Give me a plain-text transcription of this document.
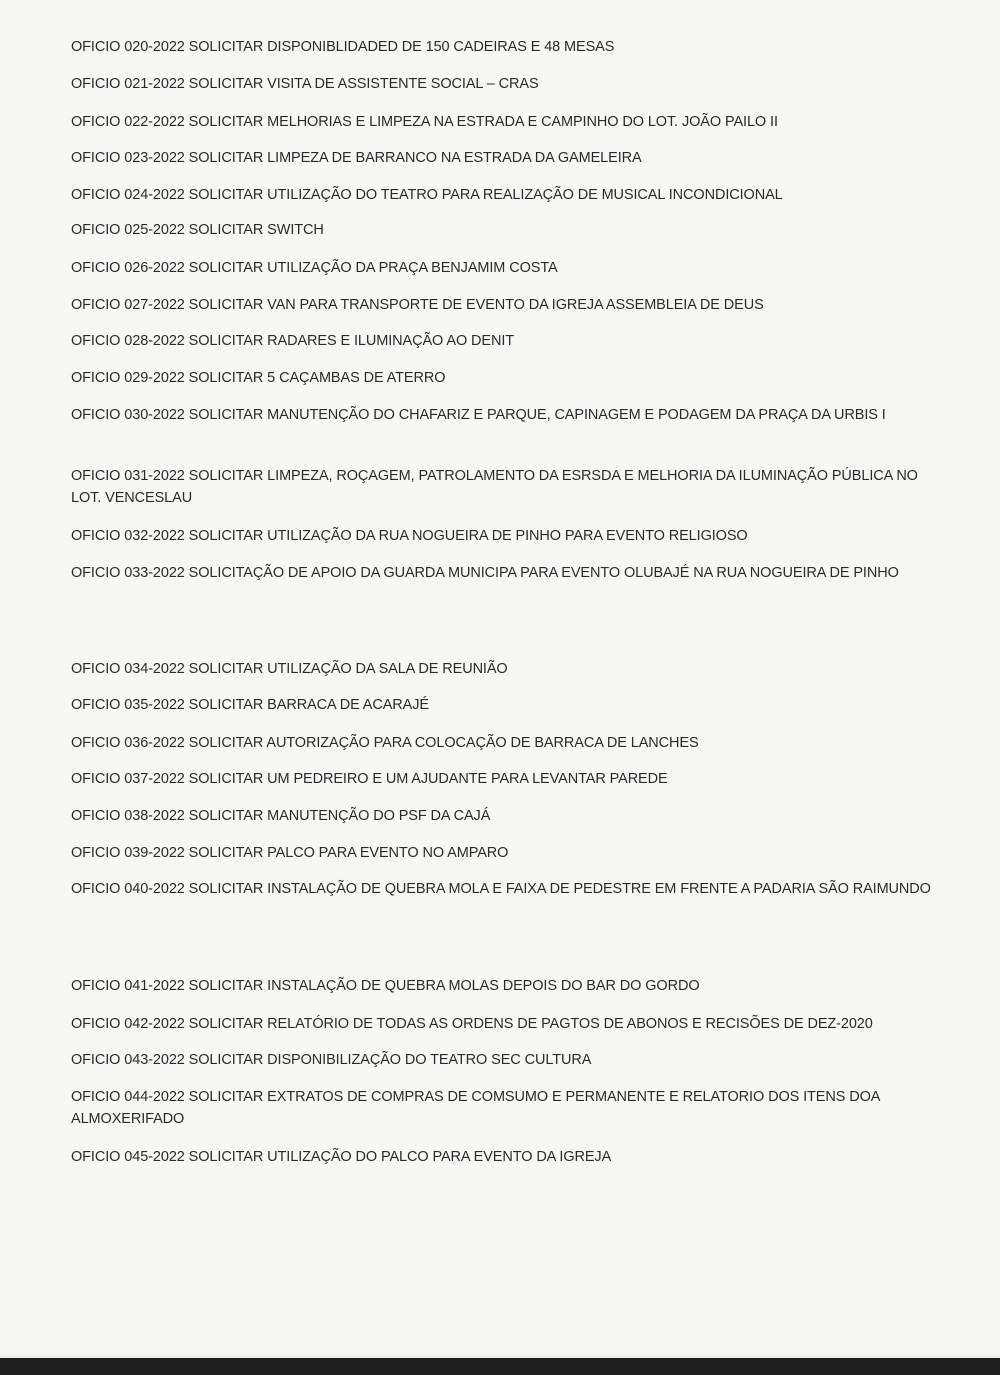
OFICIO 020-2022 SOLICITAR DISPONIBLIDADED DE 150 CADEIRAS E 48 MESAS

OFICIO 021-2022 SOLICITAR VISITA DE ASSISTENTE SOCIAL – CRAS

OFICIO 022-2022 SOLICITAR MELHORIAS E LIMPEZA NA ESTRADA E CAMPINHO DO LOT. JOÃO PAILO II

OFICIO 023-2022 SOLICITAR LIMPEZA DE BARRANCO NA ESTRADA DA GAMELEIRA

OFICIO 024-2022 SOLICITAR UTILIZAÇÃO DO TEATRO PARA REALIZAÇÃO DE MUSICAL INCONDICIONAL

OFICIO 025-2022 SOLICITAR SWITCH

OFICIO 026-2022 SOLICITAR UTILIZAÇÃO DA PRAÇA BENJAMIM COSTA

OFICIO 027-2022 SOLICITAR VAN PARA TRANSPORTE DE EVENTO DA IGREJA ASSEMBLEIA DE DEUS

OFICIO 028-2022 SOLICITAR RADARES E ILUMINAÇÃO AO DENIT

OFICIO 029-2022 SOLICITAR 5 CAÇAMBAS DE ATERRO

OFICIO 030-2022 SOLICITAR MANUTENÇÃO DO CHAFARIZ E PARQUE, CAPINAGEM E PODAGEM DA PRAÇA DA URBIS I

OFICIO 031-2022 SOLICITAR LIMPEZA, ROÇAGEM, PATROLAMENTO DA ESRSDA E MELHORIA DA ILUMINAÇÃO PÚBLICA NO LOT. VENCESLAU

OFICIO 032-2022 SOLICITAR UTILIZAÇÃO DA RUA NOGUEIRA DE PINHO PARA EVENTO RELIGIOSO

OFICIO 033-2022 SOLICITAÇÃO DE APOIO DA GUARDA MUNICIPA PARA EVENTO OLUBAJÉ NA RUA NOGUEIRA DE PINHO

OFICIO 034-2022 SOLICITAR UTILIZAÇÃO DA SALA DE REUNIÃO

OFICIO 035-2022 SOLICITAR BARRACA DE ACARAJÉ

OFICIO 036-2022 SOLICITAR AUTORIZAÇÃO PARA COLOCAÇÃO DE BARRACA DE LANCHES

OFICIO 037-2022 SOLICITAR UM PEDREIRO E UM AJUDANTE PARA LEVANTAR PAREDE

OFICIO 038-2022 SOLICITAR MANUTENÇÃO DO PSF DA CAJÁ

OFICIO 039-2022 SOLICITAR PALCO PARA EVENTO NO AMPARO

OFICIO 040-2022 SOLICITAR INSTALAÇÃO DE QUEBRA MOLA E FAIXA DE PEDESTRE EM FRENTE A PADARIA SÃO RAIMUNDO

OFICIO 041-2022 SOLICITAR INSTALAÇÃO DE QUEBRA MOLAS DEPOIS DO BAR DO GORDO

OFICIO 042-2022 SOLICITAR RELATÓRIO DE TODAS AS ORDENS DE PAGTOS DE ABONOS E RECISÕES DE DEZ-2020

OFICIO 043-2022 SOLICITAR DISPONIBILIZAÇÃO DO TEATRO SEC CULTURA

OFICIO 044-2022 SOLICITAR EXTRATOS DE COMPRAS DE COMSUMO E PERMANENTE E RELATORIO DOS ITENS DOA ALMOXERIFADO

OFICIO 045-2022 SOLICITAR UTILIZAÇÃO DO PALCO PARA EVENTO DA IGREJA
